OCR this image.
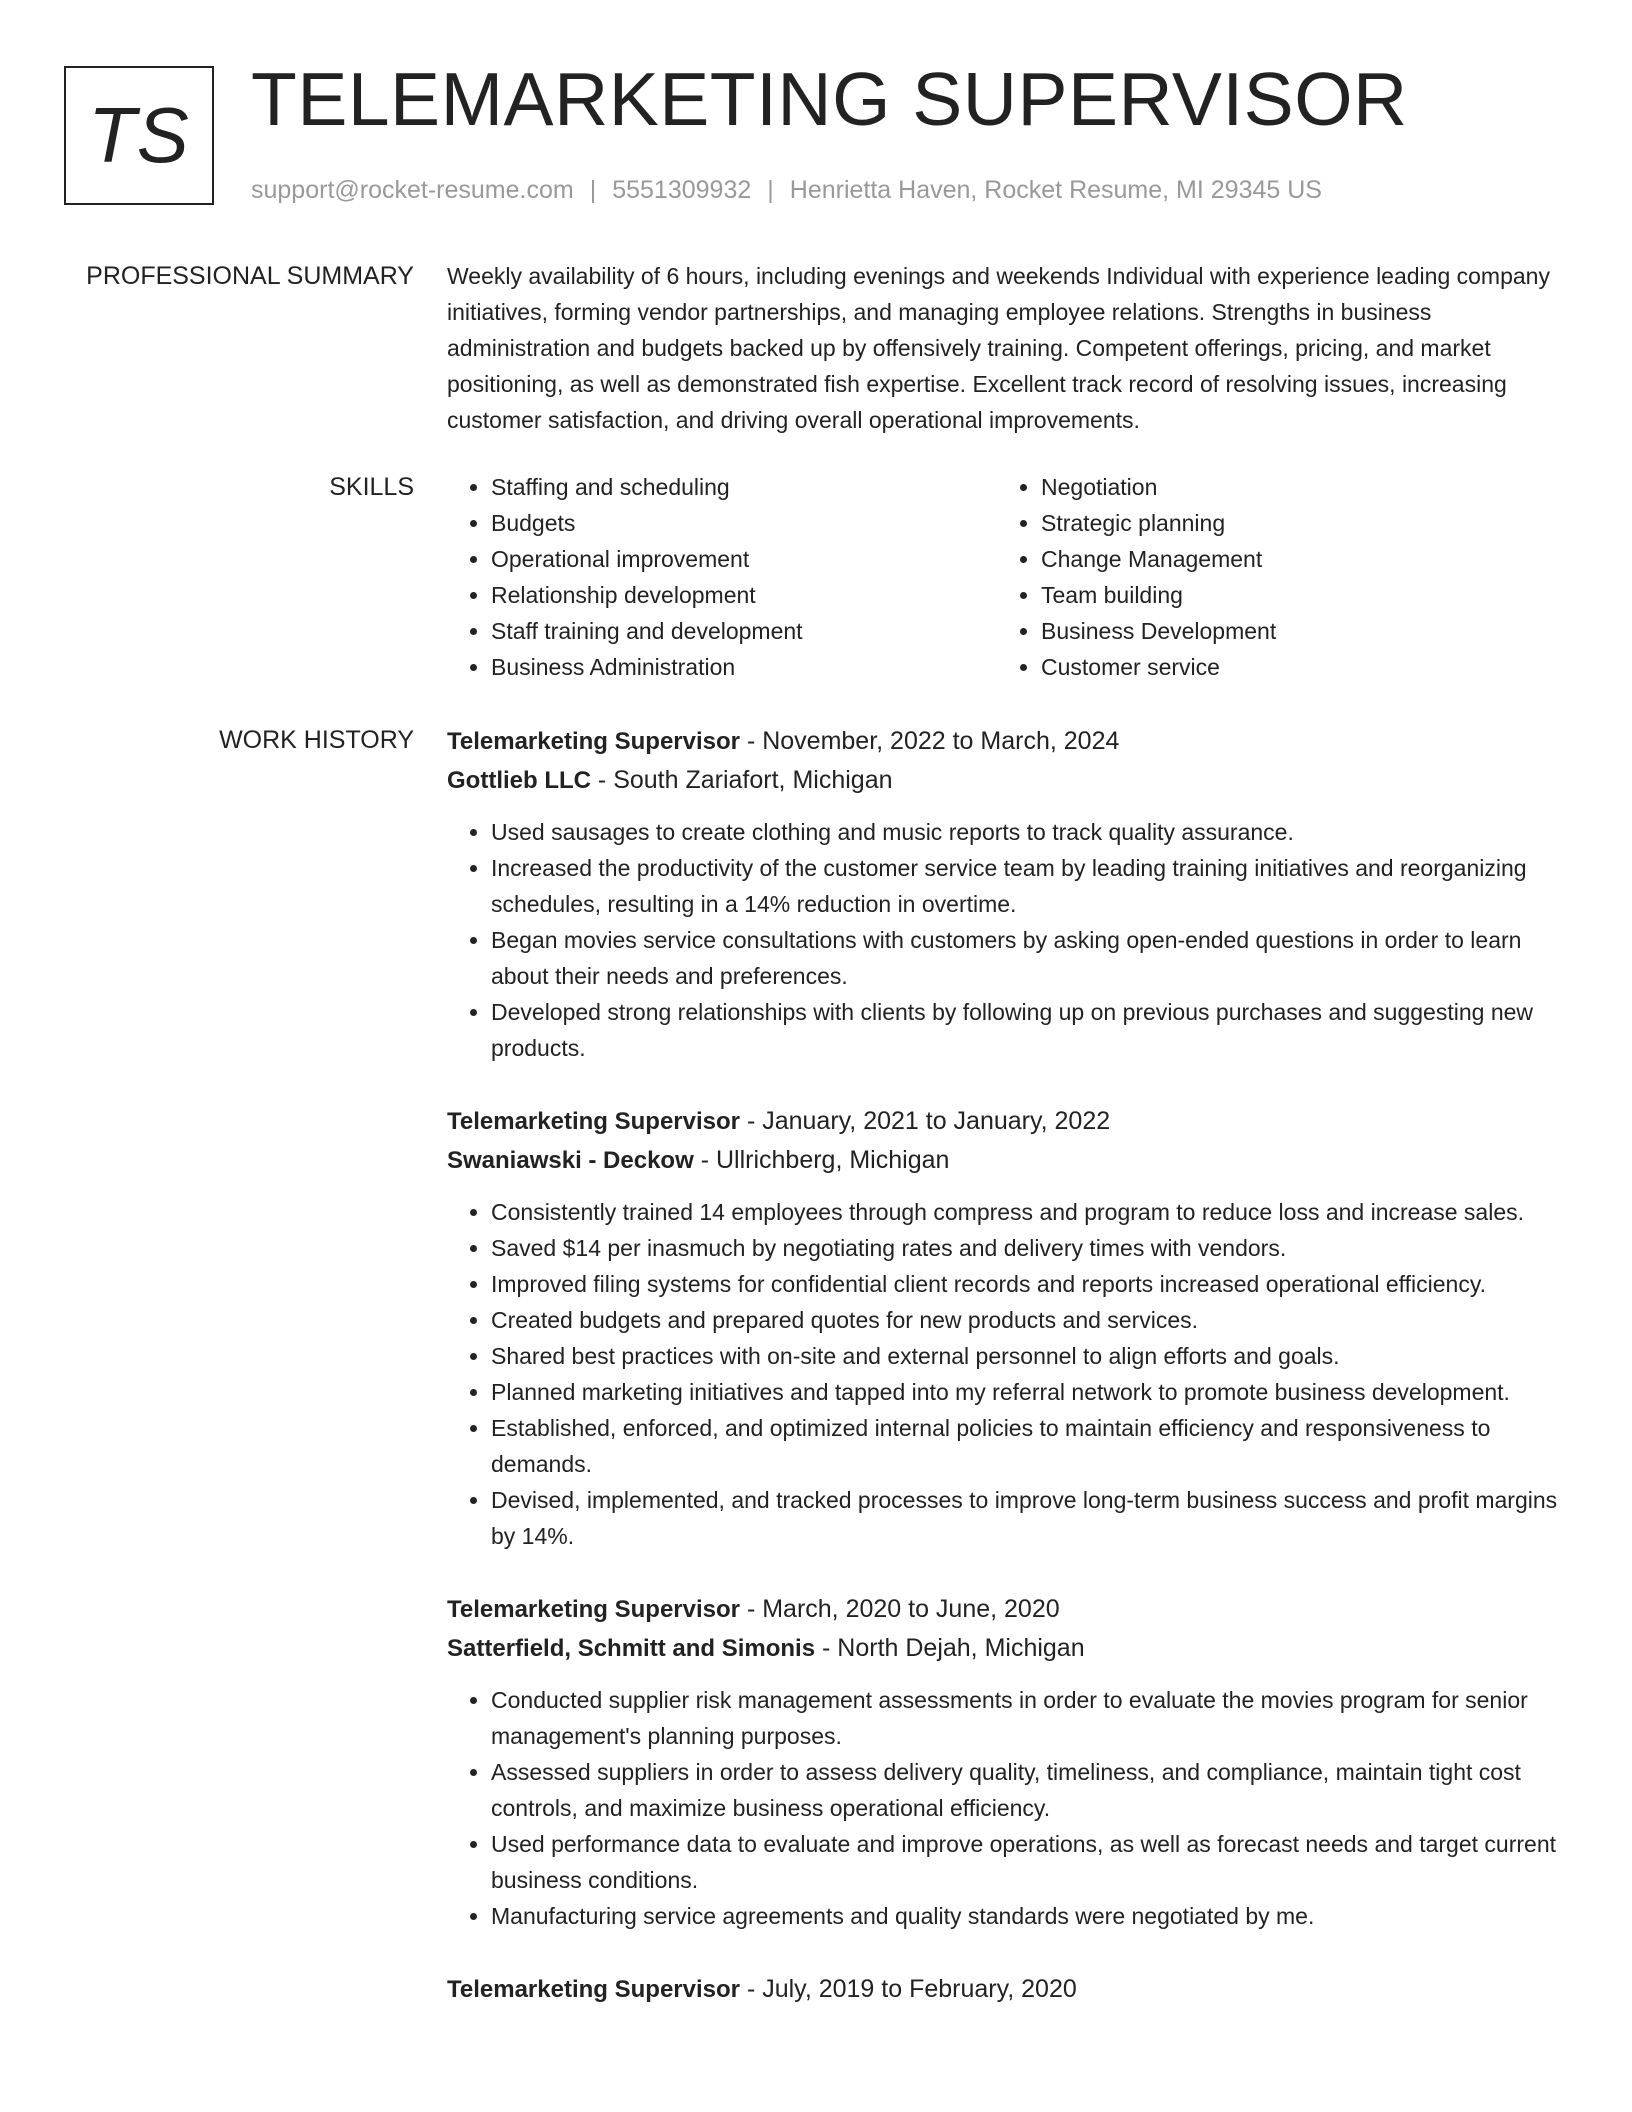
TS TELEMARKETING SUPERVISOR
support@rocket-resume.com | 5551309932 | Henrietta Haven, Rocket Resume, MI 29345 US
PROFESSIONAL SUMMARY Weekly availability of 6 hours, including evenings and weekends Individual with experience leading company initiatives, forming vendor partnerships, and managing employee relations. Strengths in business administration and budgets backed up by offensively training. Competent offerings, pricing, and market positioning, as well as demonstrated fish expertise. Excellent track record of resolving issues, increasing customer satisfaction, and driving overall operational improvements.
SKILLS
•	Staffing and scheduling
• Budgets
• Operational improvement
• Relationship development
• Staff training and development
• Business Administration
• Negotiation
• Strategic planning
• Change Management
• Team building
• Business Development
• Customer service
WORK HISTORY Telemarketing Supervisor - November, 2022 to March, 2024
Gottlieb LLC - South Zariafort, Michigan
• Used sausages to create clothing and music reports to track quality assurance.
• Increased the productivity of the customer service team by leading training initiatives and reorganizing schedules, resulting in a 14% reduction in overtime.
• Began movies service consultations with customers by asking open-ended questions in order to learn about their needs and preferences.
• Developed strong relationships with clients by following up on previous purchases and suggesting new products.
Telemarketing Supervisor - January, 2021 to January, 2022
Swaniawski - Deckow - Ullrichberg, Michigan
• Consistently trained 14 employees through compress and program to reduce loss and increase sales.
• Saved $14 per inasmuch by negotiating rates and delivery times with vendors.
• Improved filing systems for confidential client records and reports increased operational efficiency.
• Created budgets and prepared quotes for new products and services.
• Shared best practices with on-site and external personnel to align efforts and goals.
• Planned marketing initiatives and tapped into my referral network to promote business development.
• Established, enforced, and optimized internal policies to maintain efficiency and responsiveness to demands.
• Devised, implemented, and tracked processes to improve long-term business success and profit margins by 14%.
Telemarketing Supervisor - March, 2020 to June, 2020
Satterfield, Schmitt and Simonis - North Dejah, Michigan
• Conducted supplier risk management assessments in order to evaluate the movies program for senior management's planning purposes.
• Assessed suppliers in order to assess delivery quality, timeliness, and compliance, maintain tight cost controls, and maximize business operational efficiency.
• Used performance data to evaluate and improve operations, as well as forecast needs and target current business conditions.
• Manufacturing service agreements and quality standards were negotiated by me.
Telemarketing Supervisor - July, 2019 to February, 2020
